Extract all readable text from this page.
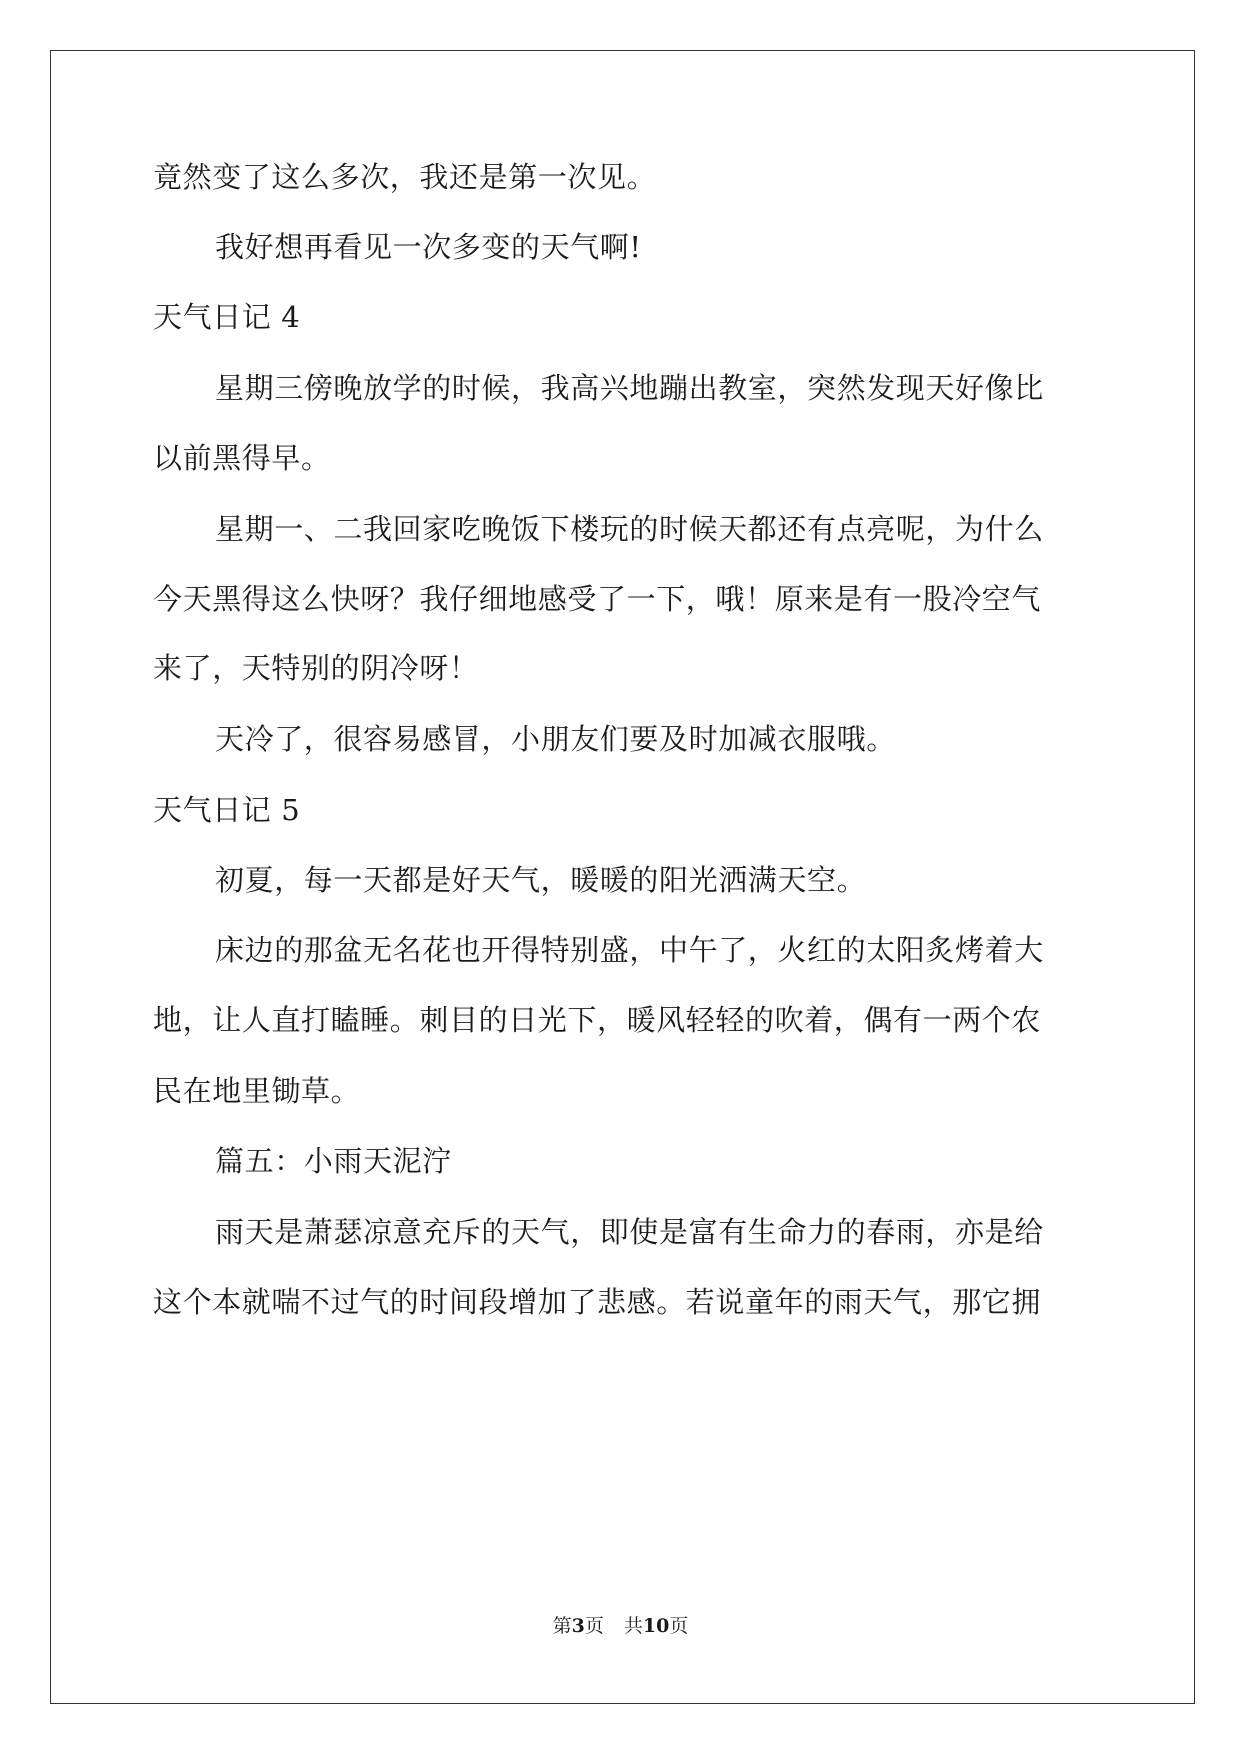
竟然变了这么多次，我还是第一次见。
我好想再看见一次多变的天气啊!
天气日记 4
星期三傍晚放学的时候，我高兴地蹦出教室，突然发现天好像比
以前黑得早。
星期一、二我回家吃晚饭下楼玩的时候天都还有点亮呢，为什么
今天黑得这么快呀？我仔细地感受了一下，哦！原来是有一股冷空气
来了，天特别的阴冷呀！
天冷了，很容易感冒，小朋友们要及时加减衣服哦。
天气日记 5
初夏，每一天都是好天气，暖暖的阳光洒满天空。
床边的那盆无名花也开得特别盛，中午了，火红的太阳炙烤着大
地，让人直打瞌睡。刺目的日光下，暖风轻轻的吹着，偶有一两个农
民在地里锄草。
篇五：小雨天泥泞
雨天是萧瑟凉意充斥的天气，即使是富有生命力的春雨，亦是给
这个本就喘不过气的时间段增加了悲感。若说童年的雨天气，那它拥
第3页 共10页
